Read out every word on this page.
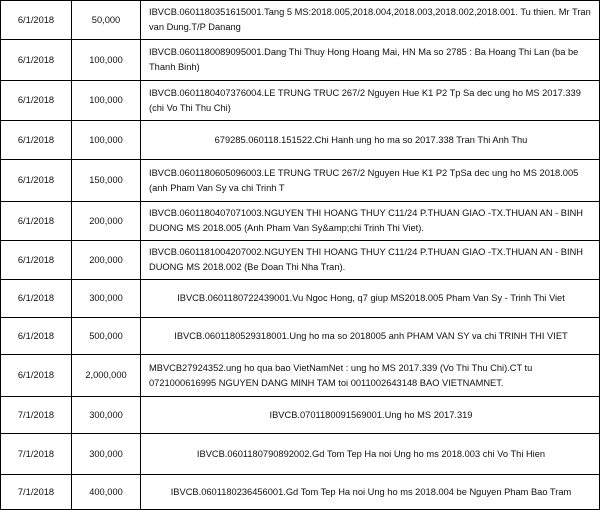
6/1/2018	50,000	IBVCB.0601180351615001.Tang 5 MS:2018.005,2018.004,2018.003,2018.002,2018.001. Tu thien. Mr Tran van Dung.T/P Danang
6/1/2018	100,000	IBVCB.0601180089095001.Dang Thi Thuy Hong Hoang Mai, HN Ma so 2785 : Ba Hoang Thi Lan (ba be Thanh Binh)
6/1/2018	100,000	IBVCB.0601180407376004.LE TRUNG TRUC 267/2 Nguyen Hue K1 P2 Tp Sa dec ung ho MS 2017.339 (chi Vo Thi Thu Chi)
6/1/2018	100,000	679285.060118.151522.Chi Hanh ung ho ma so 2017.338 Tran Thi Anh Thu
6/1/2018	150,000	IBVCB.0601180605096003.LE TRUNG TRUC 267/2 Nguyen Hue K1 P2 TpSa dec ung ho MS 2018.005 (anh Pham Van Sy va chi Trinh T
6/1/2018	200,000	IBVCB.0601180407071003.NGUYEN THI HOANG THUY C11/24 P.THUAN GIAO -TX.THUAN AN - BINH DUONG MS 2018.005 (Anh Pham Van Sy&amp;chi Trinh Thi Viet).
6/1/2018	200,000	IBVCB.0601181004207002.NGUYEN THI HOANG THUY C11/24 P.THUAN GIAO -TX.THUAN AN - BINH DUONG MS 2018.002 (Be Doan Thi Nha Tran).
6/1/2018	300,000	IBVCB.0601180722439001.Vu Ngoc Hong, q7 giup MS2018.005 Pham Van Sy - Trinh Thi Viet
6/1/2018	500,000	IBVCB.0601180529318001.Ung ho ma so 2018005 anh PHAM VAN SY va chi TRINH THI VIET
6/1/2018	2,000,000	MBVCB27924352.ung ho qua bao VietNamNet : ung ho MS 2017.339 (Vo Thi Thu Chi).CT tu 0721000616995 NGUYEN DANG MINH TAM toi 0011002643148 BAO VIETNAMNET.
7/1/2018	300,000	IBVCB.0701180091569001.Ung ho MS 2017.319
7/1/2018	300,000	IBVCB.0601180790892002.Gd Tom Tep Ha noi Ung ho ms 2018.003 chi Vo Thi Hien
7/1/2018	400,000	IBVCB.0601180236456001.Gd Tom Tep Ha noi Ung ho ms 2018.004 be Nguyen Pham Bao Tram
